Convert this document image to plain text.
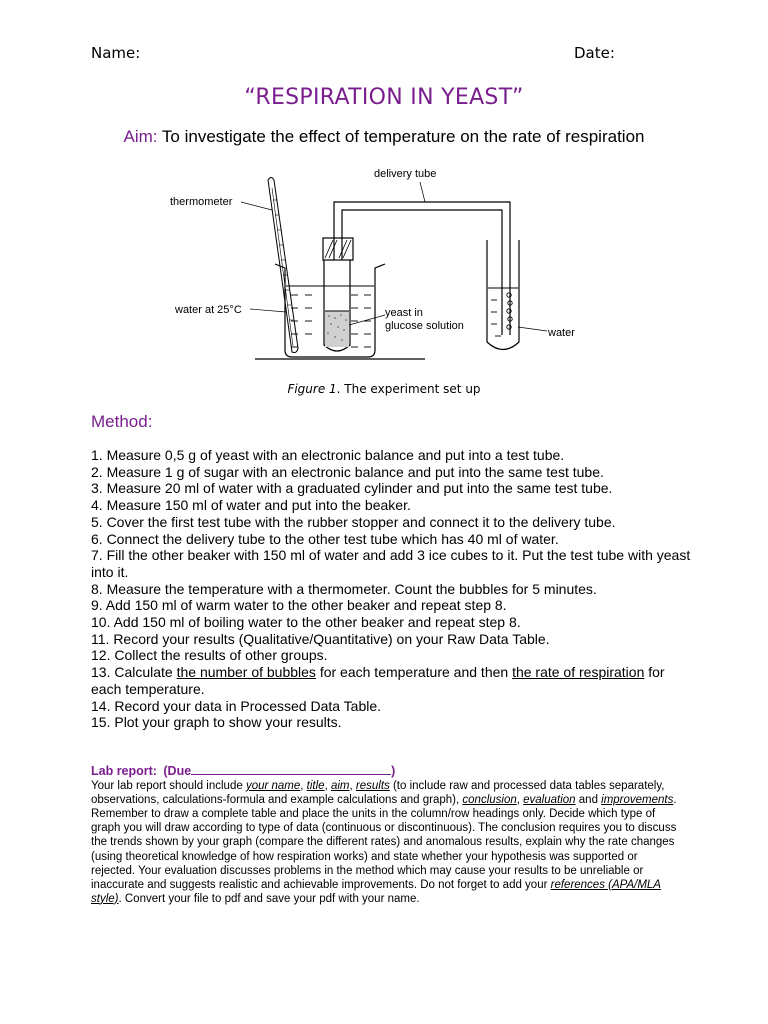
Name:	Date:
“RESPIRATION IN YEAST”
Aim: To investigate the effect of temperature on the rate of respiration
delivery tube
thermometer
water at 25°C	yeast in
glucose solution
water
Figure 1. The experiment set up
Method:
1. Measure 0,5 g of yeast with an electronic balance and put into a test tube.
2. Measure 1 g of sugar with an electronic balance and put into the same test tube.
3. Measure 20 ml of water with a graduated cylinder and put into the same test tube.
4. Measure 150 ml of water and put into the beaker.
5. Cover the first test tube with the rubber stopper and connect it to the delivery tube.
6. Connect the delivery tube to the other test tube which has 40 ml of water.
7. Fill the other beaker with 150 ml of water and add 3 ice cubes to it. Put the test tube with yeast into it.
8. Measure the temperature with a thermometer. Count the bubbles for 5 minutes.
9. Add 150 ml of warm water to the other beaker and repeat step 8.
10. Add 150 ml of boiling water to the other beaker and repeat step 8.
11. Record your results (Qualitative/Quantitative) on your Raw Data Table.
12. Collect the results of other groups.
13. Calculate the number of bubbles for each temperature and then the rate of respiration for each temperature.
14. Record your data in Processed Data Table.
15. Plot your graph to show your results.
Lab report: (Due	)
Your lab report should include your name, title, aim, results (to include raw and processed data tables separately, observations, calculations-formula and example calculations and graph), conclusion, evaluation and improvements. Remember to draw a complete table and place the units in the column/row headings only. Decide which type of graph you will draw according to type of data (continuous or discontinuous). The conclusion requires you to discuss the trends shown by your graph (compare the different rates) and anomalous results, explain why the rate changes (using theoretical knowledge of how respiration works) and state whether your hypothesis was supported or rejected. Your evaluation discusses problems in the method which may cause your results to be unreliable or inaccurate and suggests realistic and achievable improvements. Do not forget to add your references (APA/MLA style). Convert your file to pdf and save your pdf with your name.
